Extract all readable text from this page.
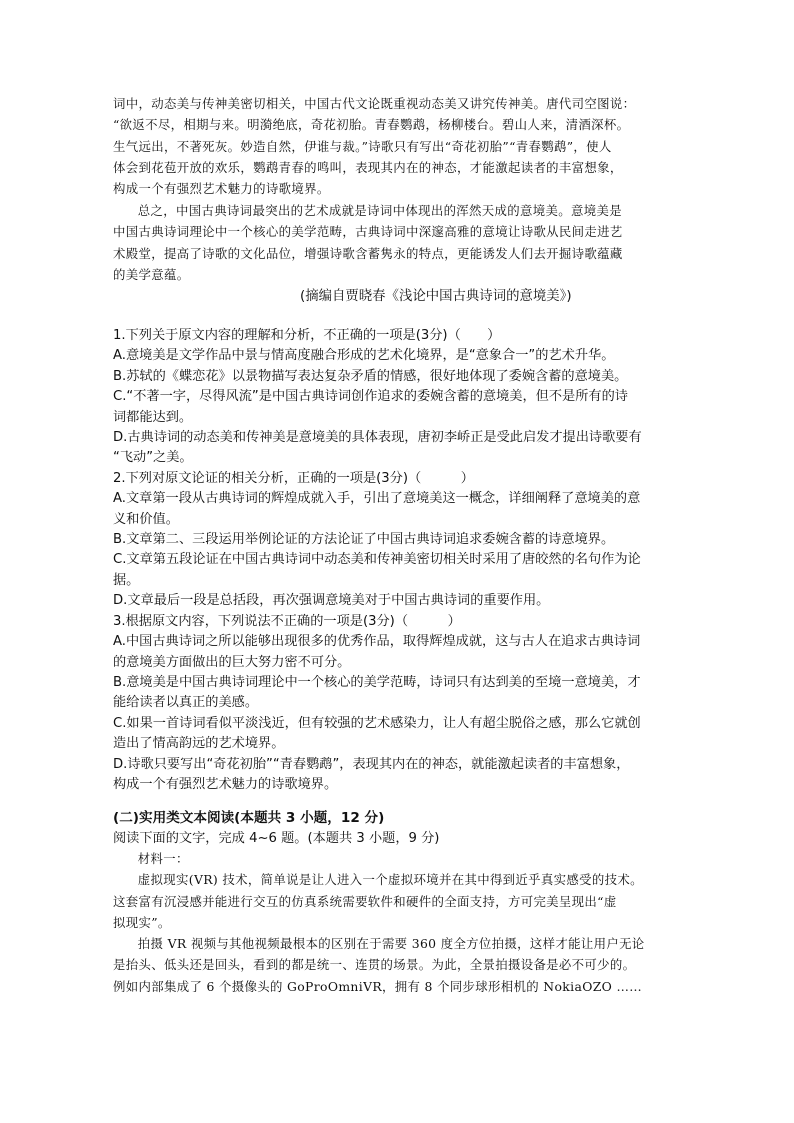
词中，动态美与传神美密切相关，中国古代文论既重视动态美又讲究传神美。唐代司空图说：

“欲返不尽，相期与来。明漪绝底，奇花初胎。青春鹦鹉，杨柳楼台。碧山人来，清酒深杯。

生气远出，不著死灰。妙造自然，伊谁与裁。”诗歌只有写出“奇花初胎”“青春鹦鹉”，使人

体会到花苞开放的欢乐，鹦鹉青春的鸣叫，表现其内在的神态，才能激起读者的丰富想象，

构成一个有强烈艺术魅力的诗歌境界。

总之，中国古典诗词最突出的艺术成就是诗词中体现出的浑然天成的意境美。意境美是

中国古典诗词理论中一个核心的美学范畴，古典诗词中深邃高雅的意境让诗歌从民间走进艺

术殿堂，提高了诗歌的文化品位，增强诗歌含蓄隽永的特点，更能诱发人们去开掘诗歌蕴藏

的美学意蕴。

(摘编自贾晓春《浅论中国古典诗词的意境美》)

1.下列关于原文内容的理解和分析，不正确的一项是(3分)（　　）

A.意境美是文学作品中景与情高度融合形成的艺术化境界，是“意象合一”的艺术升华。

B.苏轼的《蝶恋花》以景物描写表达复杂矛盾的情感，很好地体现了委婉含蓄的意境美。

C.“不著一字，尽得风流”是中国古典诗词创作追求的委婉含蓄的意境美，但不是所有的诗

词都能达到。

D.古典诗词的动态美和传神美是意境美的具体表现，唐初李峤正是受此启发才提出诗歌要有

“飞动”之美。

2.下列对原文论证的相关分析，正确的一项是(3分)（　　　）

A.文章第一段从古典诗词的辉煌成就入手，引出了意境美这一概念，详细阐释了意境美的意

义和价值。

B.文章第二、三段运用举例论证的方法论证了中国古典诗词追求委婉含蓄的诗意境界。

C.文章第五段论证在中国古典诗词中动态美和传神美密切相关时采用了唐皎然的名句作为论

据。

D.文章最后一段是总括段，再次强调意境美对于中国古典诗词的重要作用。

3.根据原文内容，下列说法不正确的一项是(3分)（　　　）

A.中国古典诗词之所以能够出现很多的优秀作品，取得辉煌成就，这与古人在追求古典诗词

的意境美方面做出的巨大努力密不可分。

B.意境美是中国古典诗词理论中一个核心的美学范畴，诗词只有达到美的至境一意境美，才

能给读者以真正的美感。

C.如果一首诗词看似平淡浅近，但有较强的艺术感染力，让人有超尘脱俗之感，那么它就创

造出了情高韵远的艺术境界。

D.诗歌只要写出“奇花初胎”“青春鹦鹉”，表现其内在的神态，就能激起读者的丰富想象，

构成一个有强烈艺术魅力的诗歌境界。

(二)实用类文本阅读(本题共 3 小题，12 分)
阅读下面的文字，完成 4~6 题。(本题共 3 小题，9 分)

材料一：

虚拟现实(VR) 技术，简单说是让人进入一个虚拟环境并在其中得到近乎真实感受的技术。

这套富有沉浸感并能进行交互的仿真系统需要软件和硬件的全面支持，方可完美呈现出“虚

拟现实”。

拍摄 VR 视频与其他视频最根本的区别在于需要 360 度全方位拍摄，这样才能让用户无论

是抬头、低头还是回头，看到的都是统一、连贯的场景。为此，全景拍摄设备是必不可少的。

例如内部集成了 6 个摄像头的 GoProOmniVR，拥有 8 个同步球形相机的 NokiaOZO ……
